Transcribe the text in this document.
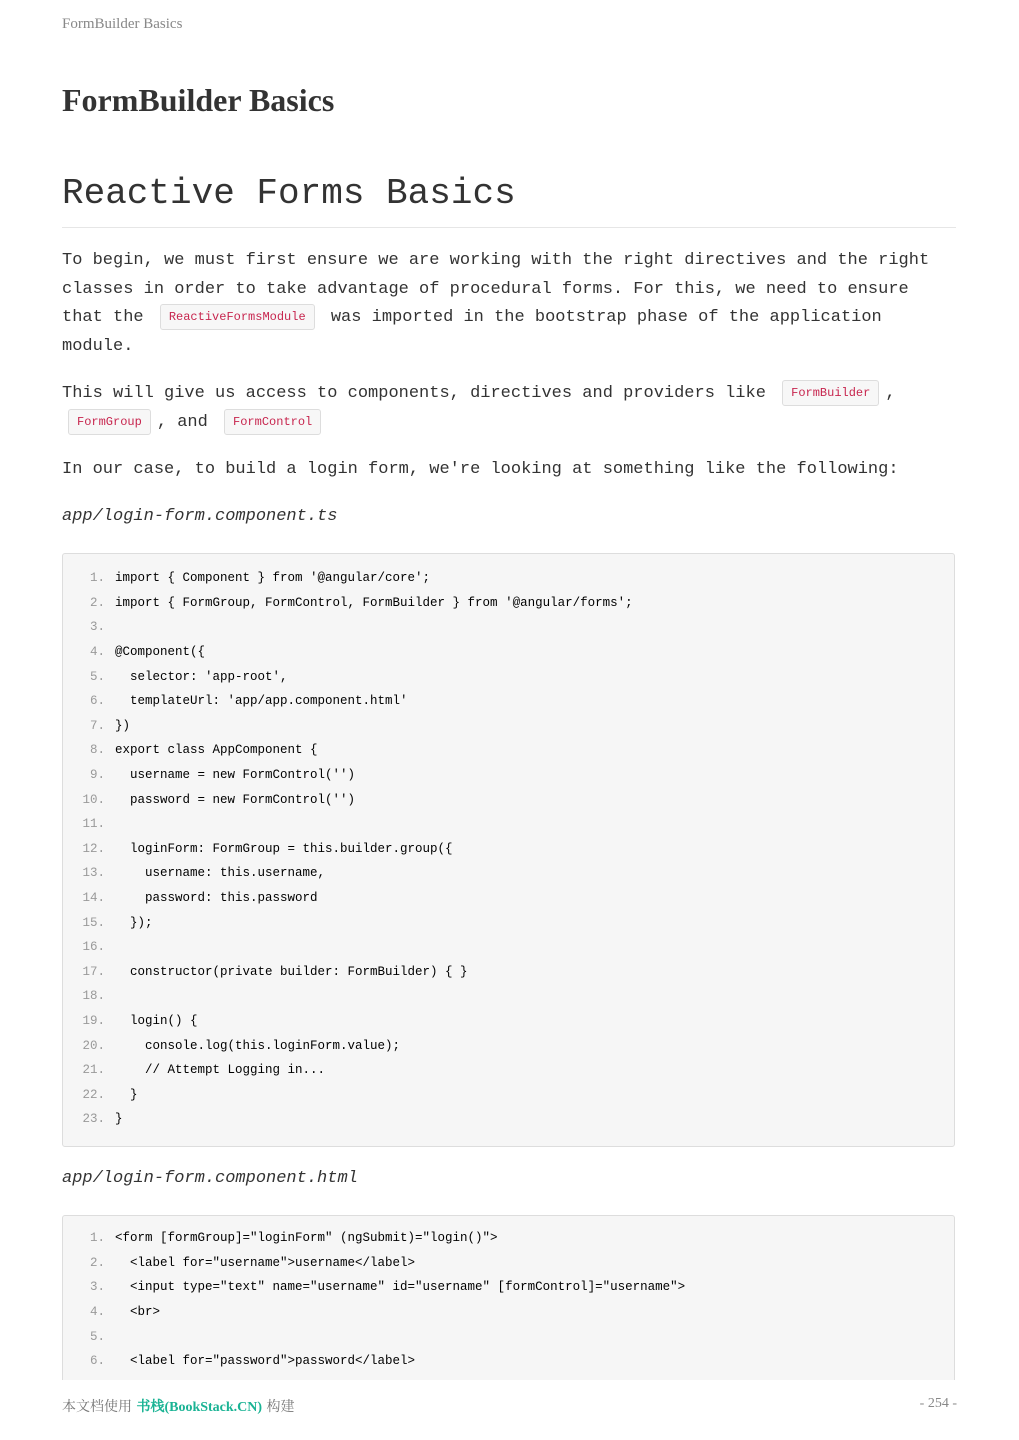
FormBuilder Basics
FormBuilder Basics
Reactive Forms Basics

To begin, we must first ensure we are working with the right directives and the right classes in order to take advantage of procedural forms. For this, we need to ensure that the ReactiveFormsModule was imported in the bootstrap phase of the application module.

This will give us access to components, directives and providers like FormBuilder , FormGroup , and FormControl

In our case, to build a login form, we're looking at something like the following:

app/login-form.component.ts

1. import { Component } from '@angular/core';
2. import { FormGroup, FormControl, FormBuilder } from '@angular/forms';
3.
4. @Component({
5. selector: 'app-root',
6. templateUrl: 'app/app.component.html'
7. })
8. export class AppComponent {
9. username = new FormControl('')
10. password = new FormControl('')
11.
12. loginForm: FormGroup = this.builder.group({
13. username: this.username,
14. password: this.password
15. });
16.
17. constructor(private builder: FormBuilder) { }
18.
19. login() {
20. console.log(this.loginForm.value);
21. // Attempt Logging in...
22. }
23. }

app/login-form.component.html

1. <form [formGroup]="loginForm" (ngSubmit)="login()">
2. <label for="username">username</label>
3. <input type="text" name="username" id="username" [formControl]="username">
4. <br>
5.
6. <label for="password">password</label>
本文档使用 书栈(BookStack.CN) 构建	- 254 -
